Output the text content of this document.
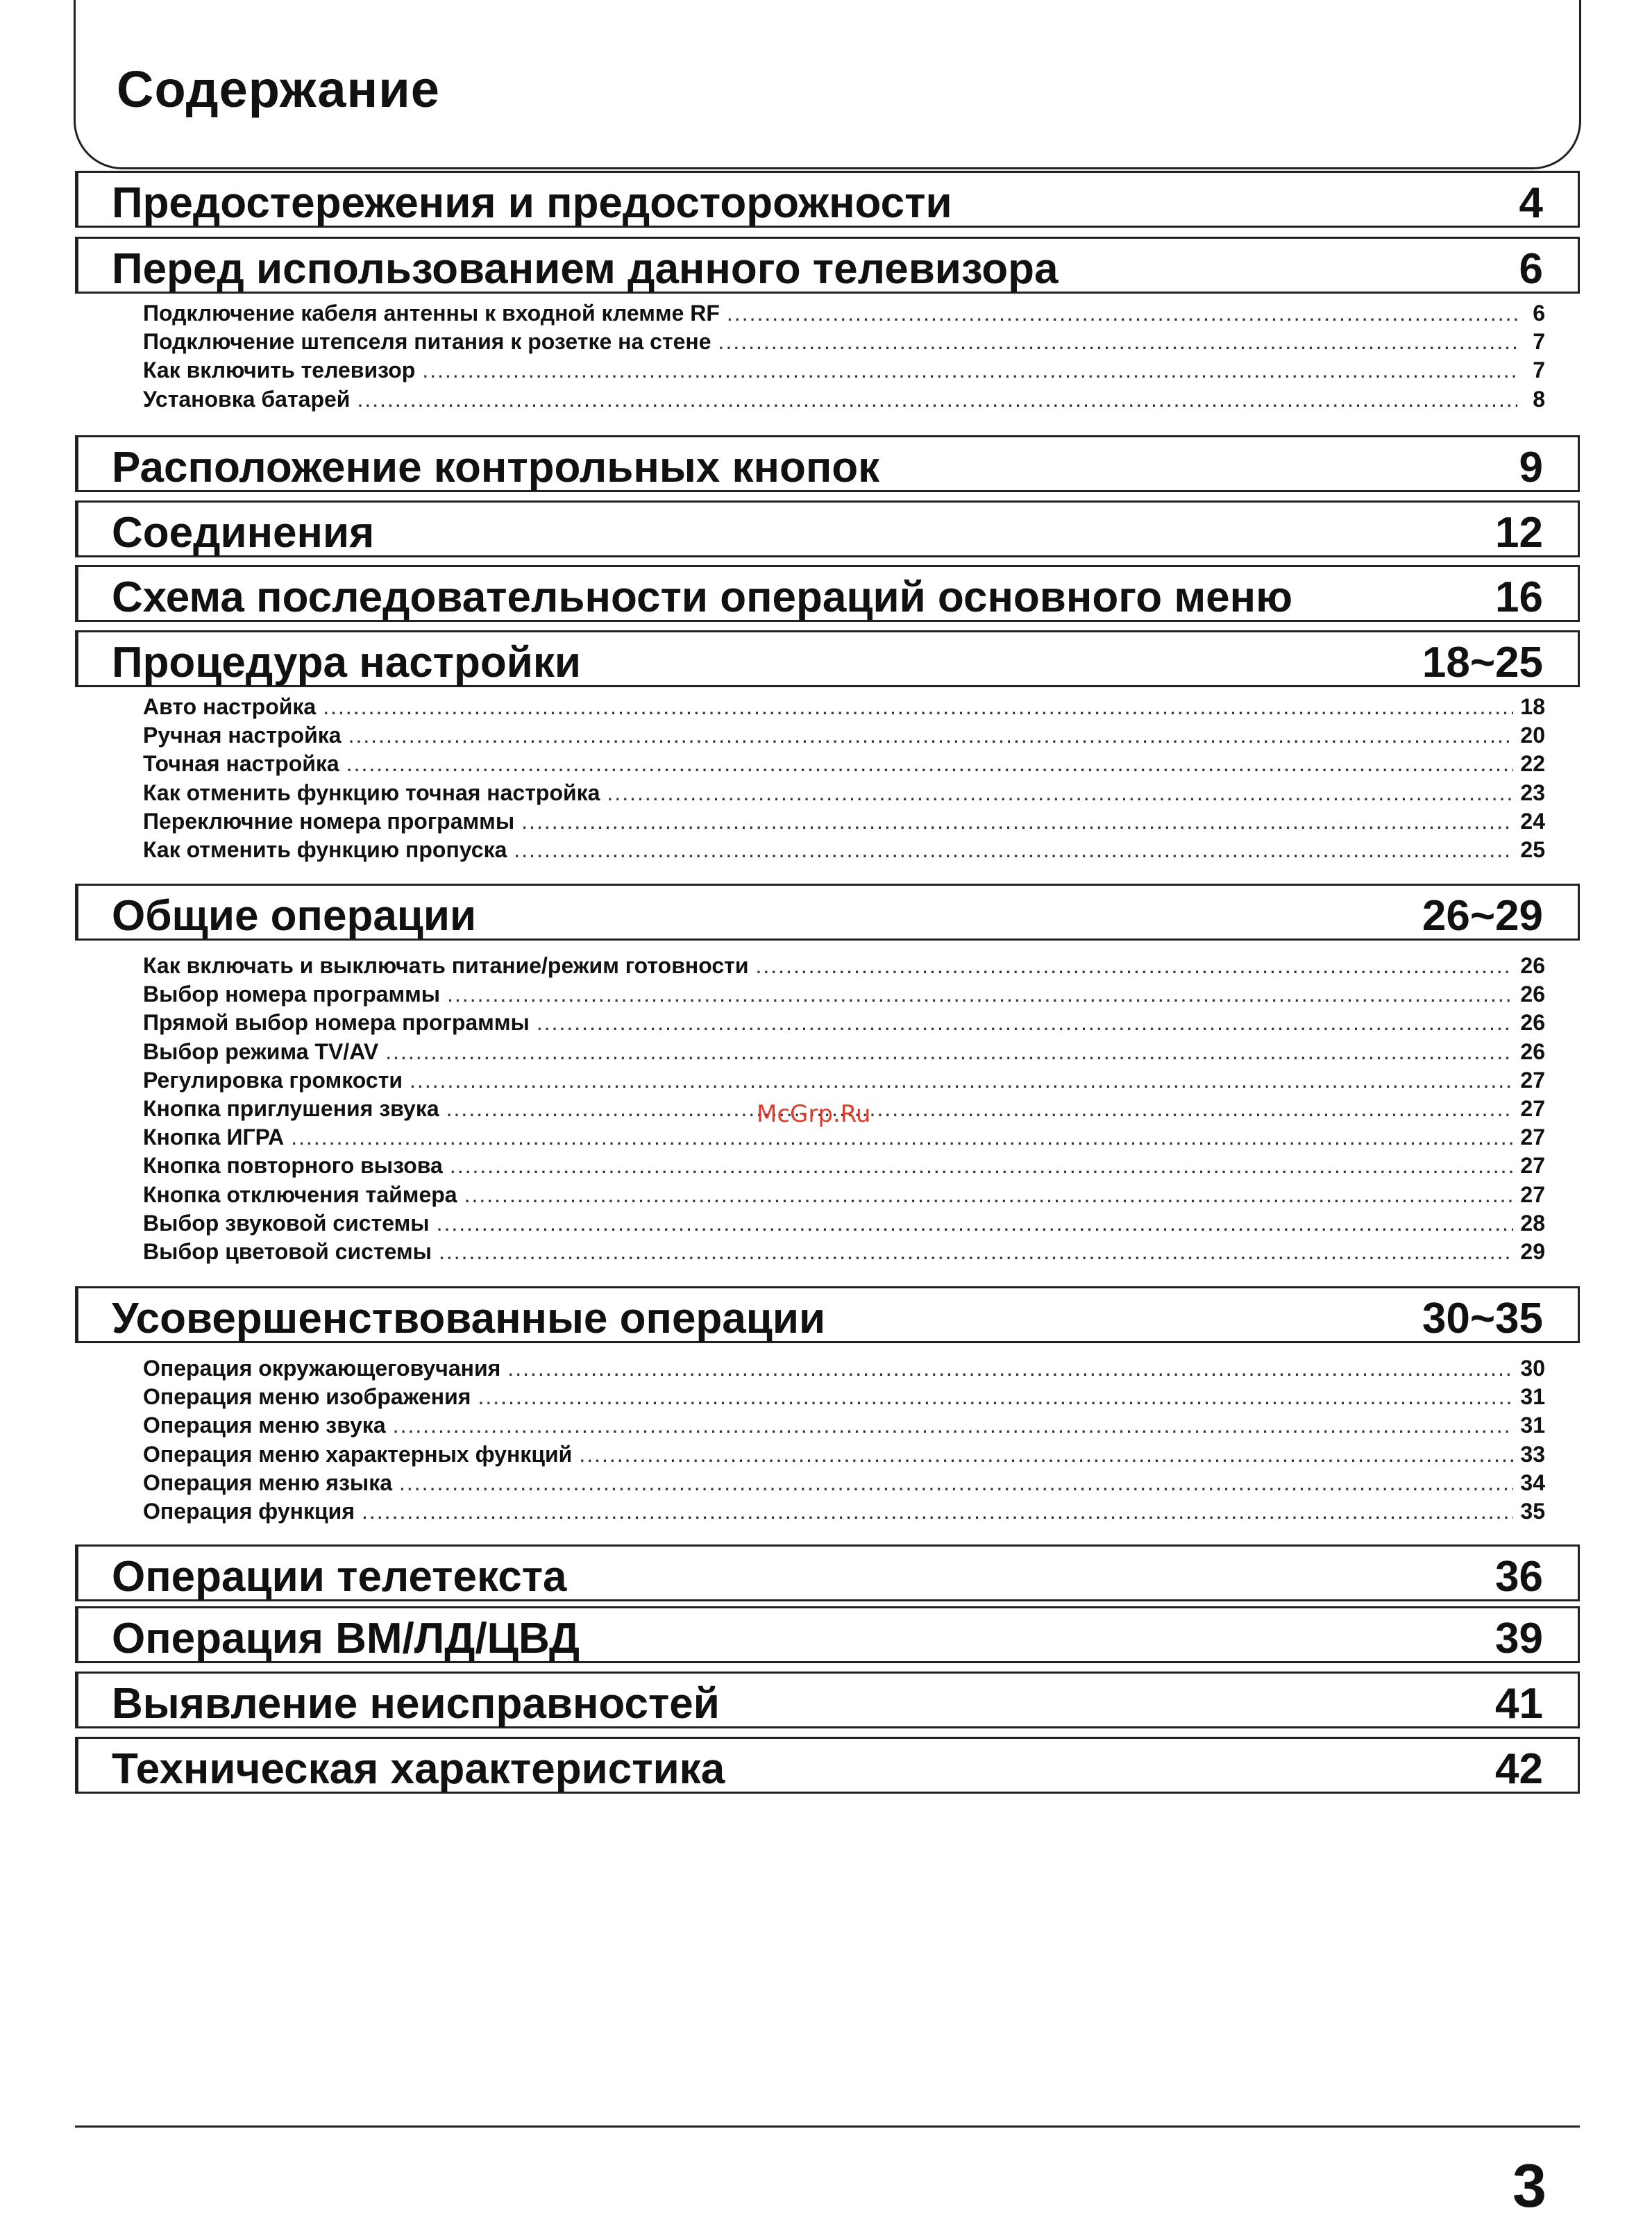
Содержание
Предостережения и предосторожности	4
Перед использованием данного телевизора	6
Подключение кабеля антенны к входной клемме RF .....	6
Подключение штепселя питания к розетке на стене .....	7
Как включить телевизор .....	7
Установка батарей .....	8
Расположение контрольных кнопок	9
Соединения	12
Схема последовательности операций основного меню	16
Процедура настройки	18~25
Авто настройка .....	18
Ручная настройка .....	20
Точная настройка .....	22
Как отменить функцию точная настройка .....	23
Переключние номера программы .....	24
Как отменить функцию пропуска .....	25
Общие операции	26~29
Как включать и выключать питание/режим готовности .....	26
Выбор номера программы .....	26
Прямой выбор номера программы .....	26
Выбор режима TV/AV .....	26
Регулировка громкости .....	27
Кнопка приглушения звука .....	27
Кнопка ИГРА .....	27
Кнопка повторного вызова .....	27
Кнопка отключения таймера .....	27
Выбор звуковой системы .....	28
Выбор цветовой системы .....	29
Усовершенствованные операции	30~35
Операция окружающеговучания .....	30
Операция меню изображения .....	31
Операция меню звука .....	31
Операция меню характерных функций .....	33
Операция меню языка .....	34
Операция функция .....	35
Операции телетекста	36
Операция ВМ/ЛД/ЦВД	39
Выявление неисправностей	41
Техническая характеристика	42
McGrp.Ru
3
